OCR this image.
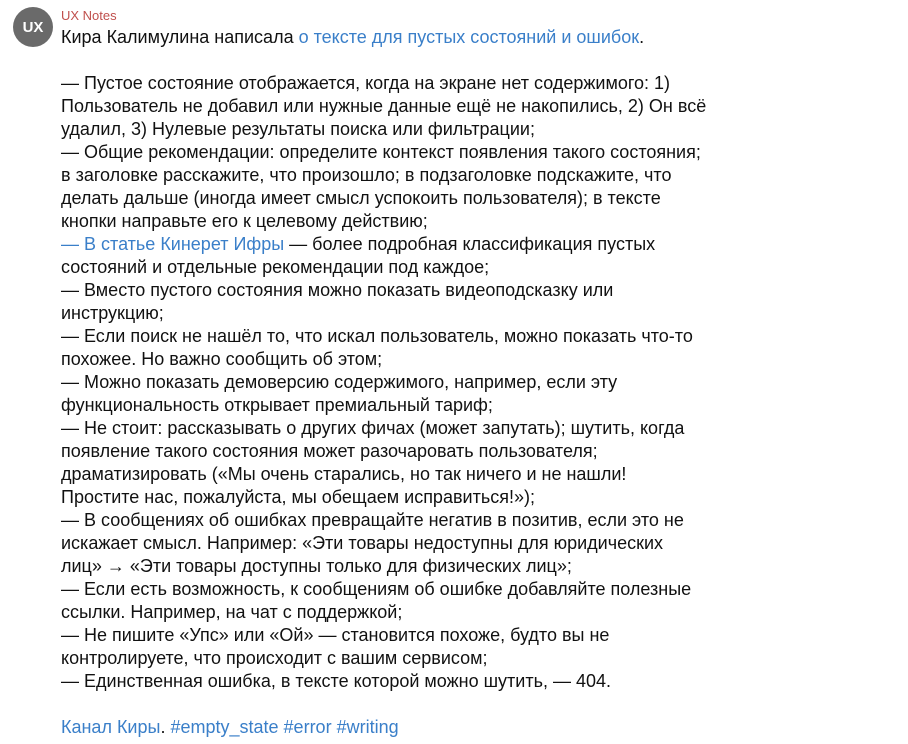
UX
UX Notes
Кира Калимулина написала о тексте для пустых состояний и ошибок.
— Пустое состояние отображается, когда на экране нет содержимого: 1)
Пользователь не добавил или нужные данные ещё не накопились, 2) Он всё
удалил, 3) Нулевые результаты поиска или фильтрации;
— Общие рекомендации: определите контекст появления такого состояния;
в заголовке расскажите, что произошло; в подзаголовке подскажите, что
делать дальше (иногда имеет смысл успокоить пользователя); в тексте
кнопки направьте его к целевому действию;
— В статье Кинерет Ифры — более подробная классификация пустых
состояний и отдельные рекомендации под каждое;
— Вместо пустого состояния можно показать видеоподсказку или
инструкцию;
— Если поиск не нашёл то, что искал пользователь, можно показать что-то
похожее. Но важно сообщить об этом;
— Можно показать демоверсию содержимого, например, если эту
функциональность открывает премиальный тариф;
— Не стоит: рассказывать о других фичах (может запутать); шутить, когда
появление такого состояния может разочаровать пользователя;
драматизировать («Мы очень старались, но так ничего и не нашли!
Простите нас, пожалуйста, мы обещаем исправиться!»);
— В сообщениях об ошибках превращайте негатив в позитив, если это не
искажает смысл. Например: «Эти товары недоступны для юридических
лиц» → «Эти товары доступны только для физических лиц»;
— Если есть возможность, к сообщениям об ошибке добавляйте полезные
ссылки. Например, на чат с поддержкой;
— Не пишите «Упс» или «Ой» — становится похоже, будто вы не
контролируете, что происходит с вашим сервисом;
— Единственная ошибка, в тексте которой можно шутить, — 404.
Канал Киры. #empty_state #error #writing
